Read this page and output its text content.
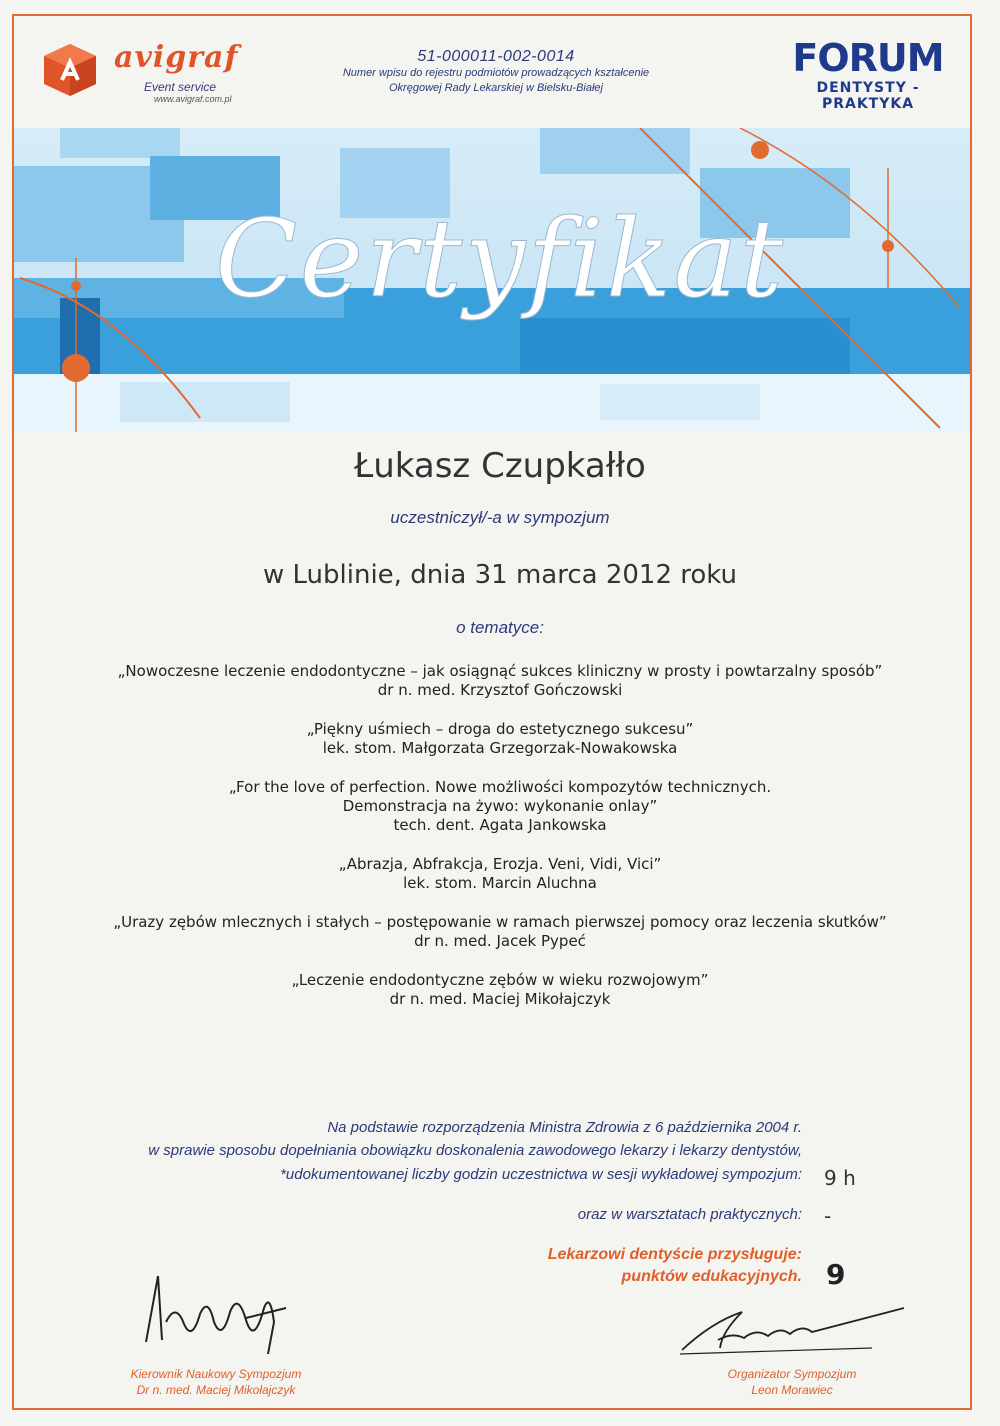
avigraf
Event service
www.avigraf.com.pl
51-000011-002-0014
Numer wpisu do rejestru podmiotów prowadzących kształcenie
Okręgowej Rady Lekarskiej w Bielsku-Białej
FORUM
DENTYSTY - PRAKTYKA
Certyfikat
Łukasz Czupkałło
uczestniczył/-a w sympozjum
w Lublinie, dnia 31 marca 2012 roku
o tematyce:
„Nowoczesne leczenie endodontyczne – jak osiągnąć sukces kliniczny w prosty i powtarzalny sposób”
dr n. med. Krzysztof Gończowski
„Piękny uśmiech – droga do estetycznego sukcesu”
lek. stom. Małgorzata Grzegorzak-Nowakowska
„For the love of perfection. Nowe możliwości kompozytów technicznych.
Demonstracja na żywo: wykonanie onlay”
tech. dent. Agata Jankowska
„Abrazja, Abfrakcja, Erozja. Veni, Vidi, Vici”
lek. stom. Marcin Aluchna
„Urazy zębów mlecznych i stałych – postępowanie w ramach pierwszej pomocy oraz leczenia skutków”
dr n. med. Jacek Pypeć
„Leczenie endodontyczne zębów w wieku rozwojowym”
dr n. med. Maciej Mikołajczyk
Na podstawie rozporządzenia Ministra Zdrowia z 6 października 2004 r.
w sprawie sposobu dopełniania obowiązku doskonalenia zawodowego lekarzy i lekarzy dentystów,
*udokumentowanej liczby godzin uczestnictwa w sesji wykładowej sympozjum: 9 h
oraz w warsztatach praktycznych: -
Lekarzowi dentyście przysługuje:
punktów edukacyjnych. 9
Kierownik Naukowy Sympozjum
Dr n. med. Maciej Mikołajczyk
Organizator Sympozjum
Leon Morawiec
